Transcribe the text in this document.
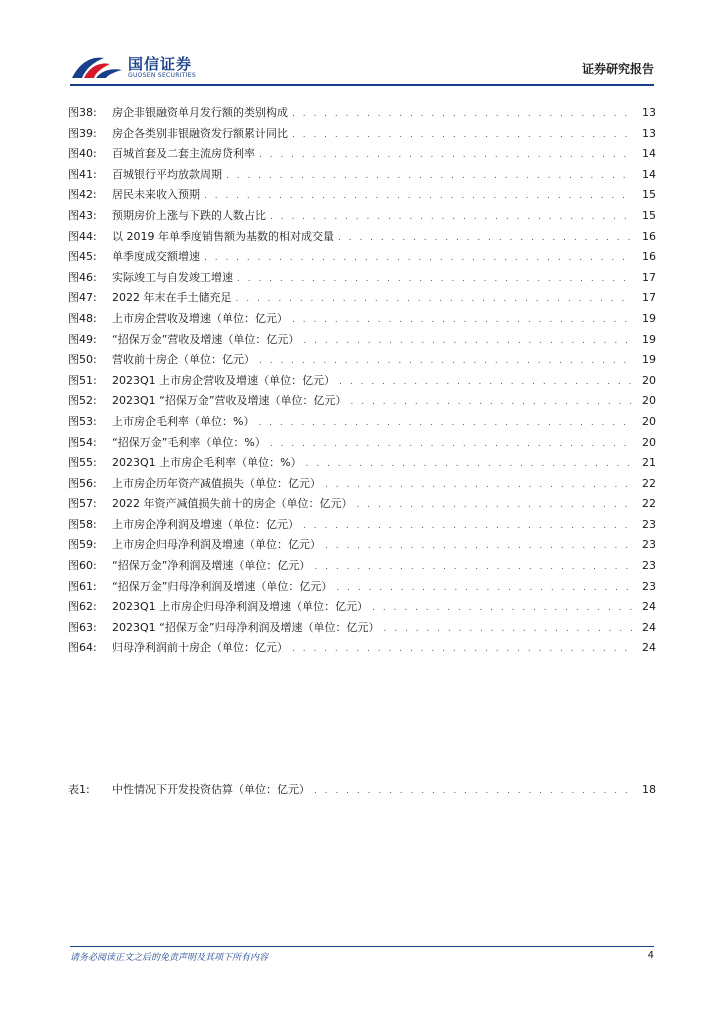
国信证券
GUOSEN SECURITIES	证券研究报告
图38:	房企非银融资单月发行额的类别构成 . . .	13
图39:	房企各类别非银融资发行额累计同比 . . .	13
图40:	百城首套及二套主流房贷利率 . . .	14
图41:	百城银行平均放款周期 . . .	14
图42:	居民未来收入预期 . . .	15
图43:	预期房价上涨与下跌的人数占比 . . .	15
图44:	以 2019 年单季度销售额为基数的相对成交量 . . .	16
图45:	单季度成交额增速 . . .	16
图46:	实际竣工与自发竣工增速 . . .	17
图47:	2022 年末在手土储充足 . . .	17
图48:	上市房企营收及增速（单位：亿元） . . .	19
图49:	“招保万金”营收及增速（单位：亿元） . . .	19
图50:	营收前十房企（单位：亿元） . . .	19
图51:	2023Q1 上市房企营收及增速（单位：亿元） . . .	20
图52:	2023Q1 “招保万金”营收及增速（单位：亿元） . . .	20
图53:	上市房企毛利率（单位：%） . . .	20
图54:	“招保万金”毛利率（单位：%） . . .	20
图55:	2023Q1 上市房企毛利率（单位：%） . . .	21
图56:	上市房企历年资产减值损失（单位：亿元） . . .	22
图57:	2022 年资产减值损失前十的房企（单位：亿元） . . .	22
图58:	上市房企净利润及增速（单位：亿元） . . .	23
图59:	上市房企归母净利润及增速（单位：亿元） . . .	23
图60:	“招保万金”净利润及增速（单位：亿元） . . .	23
图61:	“招保万金”归母净利润及增速（单位：亿元） . . .	23
图62:	2023Q1 上市房企归母净利润及增速（单位：亿元） . . .	24
图63:	2023Q1 “招保万金”归母净利润及增速（单位：亿元） . . .	24
图64:	归母净利润前十房企（单位：亿元） . . .	24
表1:	中性情况下开发投资估算（单位：亿元） . . .	18
请务必阅读正文之后的免责声明及其项下所有内容	4
